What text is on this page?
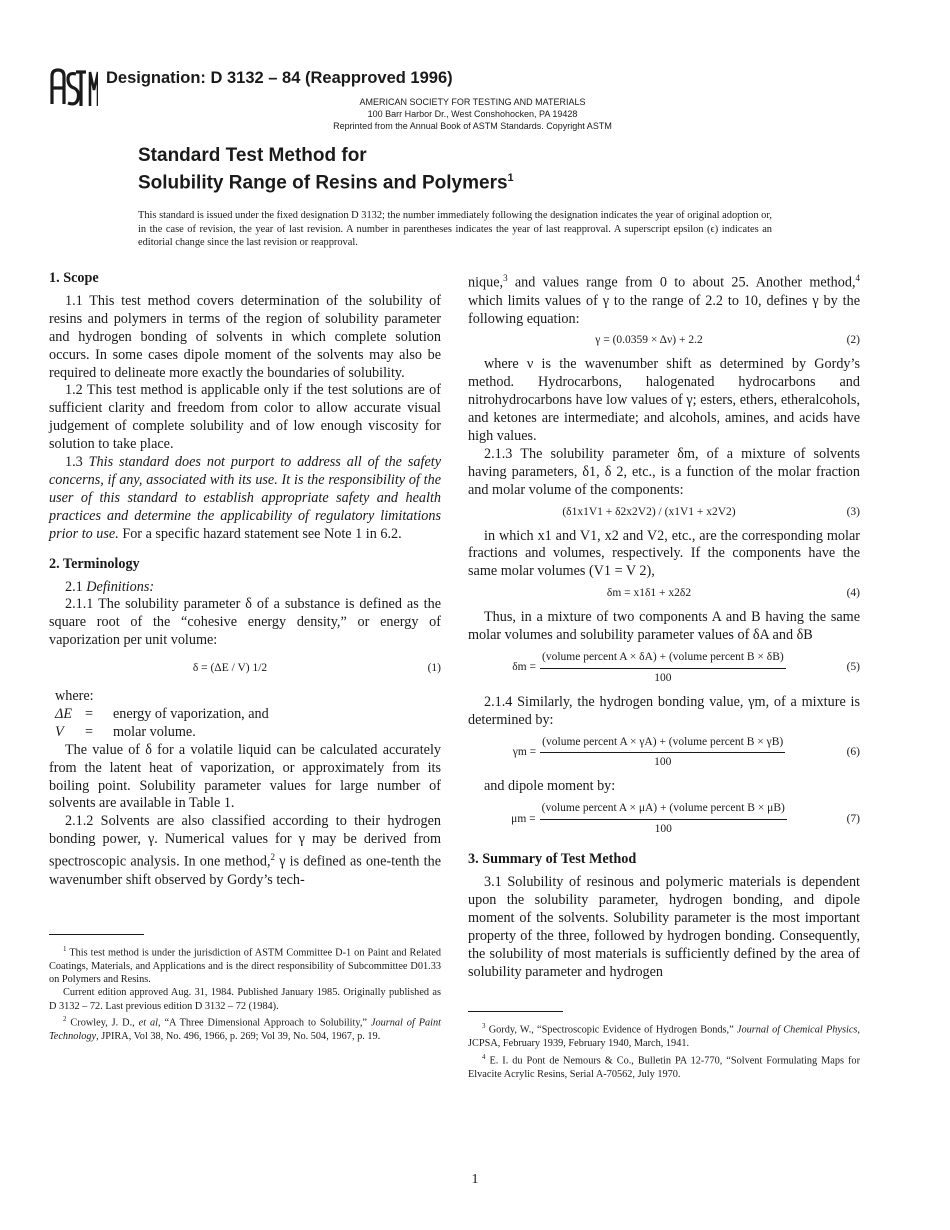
Designation: D 3132 – 84 (Reapproved 1996)
AMERICAN SOCIETY FOR TESTING AND MATERIALS
100 Barr Harbor Dr., West Conshohocken, PA 19428
Reprinted from the Annual Book of ASTM Standards. Copyright ASTM
Standard Test Method for
Solubility Range of Resins and Polymers$^1$
This standard is issued under the fixed designation D 3132; the number immediately following the designation indicates the year of original adoption or, in the case of revision, the year of last revision. A number in parentheses indicates the year of last reapproval. A superscript epsilon (ϵ) indicates an editorial change since the last revision or reapproval.
1. Scope

1.1 This test method covers determination of the solubility of resins and polymers in terms of the region of solubility parameter and hydrogen bonding of solvents in which complete solution occurs. In some cases dipole moment of the solvents may also be required to delineate more exactly the boundaries of solubility.

1.2 This test method is applicable only if the test solutions are of sufficient clarity and freedom from color to allow accurate visual judgement of complete solubility and of low enough viscosity for solution to take place.

1.3 This standard does not purport to address all of the safety concerns, if any, associated with its use. It is the responsibility of the user of this standard to establish appropriate safety and health practices and determine the applicability of regulatory limitations prior to use. For a specific hazard statement see Note 1 in 6.2.

2. Terminology

2.1 Definitions:

2.1.1 The solubility parameter δ of a substance is defined as the square root of the “cohesive energy density,” or energy of vaporization per unit volume:

δ = (ΔE / V) 1/2	(1)

where:

ΔE =	energy of vaporization, and
V	=	molar volume.

The value of δ for a volatile liquid can be calculated accurately from the latent heat of vaporization, or approximately from its boiling point. Solubility parameter values for large number of solvents are available in Table 1.

2.1.2 Solvents are also classified according to their hydrogen bonding power, γ. Numerical values for γ may be derived from spectroscopic analysis. In one method,$^2$ γ is defined as one-tenth the wavenumber shift observed by Gordy’s tech-

$^1$ This test method is under the jurisdiction of ASTM Committee D-1 on Paint and Related Coatings, Materials, and Applications and is the direct responsibility of Subcommittee D01.33 on Polymers and Resins.

Current edition approved Aug. 31, 1984. Published January 1985. Originally published as D 3132 – 72. Last previous edition D 3132 – 72 (1984).

$^2$ Crowley, J. D., et al, “A Three Dimensional Approach to Solubility,” Journal of Paint Technology, JPIRA, Vol 38, No. 496, 1966, p. 269; Vol 39, No. 504, 1967, p. 19.

nique,$^3$ and values range from 0 to about 25. Another method,$^4$ which limits values of γ to the range of 2.2 to 10, defines γ by the following equation:

γ = (0.0359 × Δν) + 2.2	(2)

where ν is the wavenumber shift as determined by Gordy’s method. Hydrocarbons, halogenated hydrocarbons and nitrohydrocarbons have low values of γ; esters, ethers, etheralcohols, and ketones are intermediate; and alcohols, amines, and acids have high values.

2.1.3 The solubility parameter δm, of a mixture of solvents having parameters, δ1, δ 2, etc., is a function of the molar fraction and molar volume of the components:

(δ1x1V1 + δ2x2V2) / (x1V1 + x2V2)	(3)

in which x1 and V1, x2 and V2, etc., are the corresponding molar fractions and volumes, respectively. If the components have the same molar volumes (V1 = V 2),

δm = x1δ1 + x2δ2	(4)

Thus, in a mixture of two components A and B having the same molar volumes and solubility parameter values of δA and δB

δm =
(volume percent A × δA) + (volume percent B × δB)
100
(5)

2.1.4 Similarly, the hydrogen bonding value, γm, of a mixture is determined by:

γm =
(volume percent A × γA) + (volume percent B × γB)
100
(6)

and dipole moment by:

μm =
(volume percent A × μA) + (volume percent B × μB)
100
(7)
3. Summary of Test Method

3.1 Solubility of resinous and polymeric materials is dependent upon the solubility parameter, hydrogen bonding, and dipole moment of the solvents. Solubility parameter is the most important property of the three, followed by hydrogen bonding. Consequently, the solubility of most materials is sufficiently defined by the area of solubility parameter and hydrogen

$^3$ Gordy, W., “Spectroscopic Evidence of Hydrogen Bonds,” Journal of Chemical Physics, JCPSA, February 1939, February 1940, March, 1941.

$^4$ E. I. du Pont de Nemours & Co., Bulletin PA 12-770, “Solvent Formulating Maps for Elvacite Acrylic Resins, Serial A-70562, July 1970.

1
